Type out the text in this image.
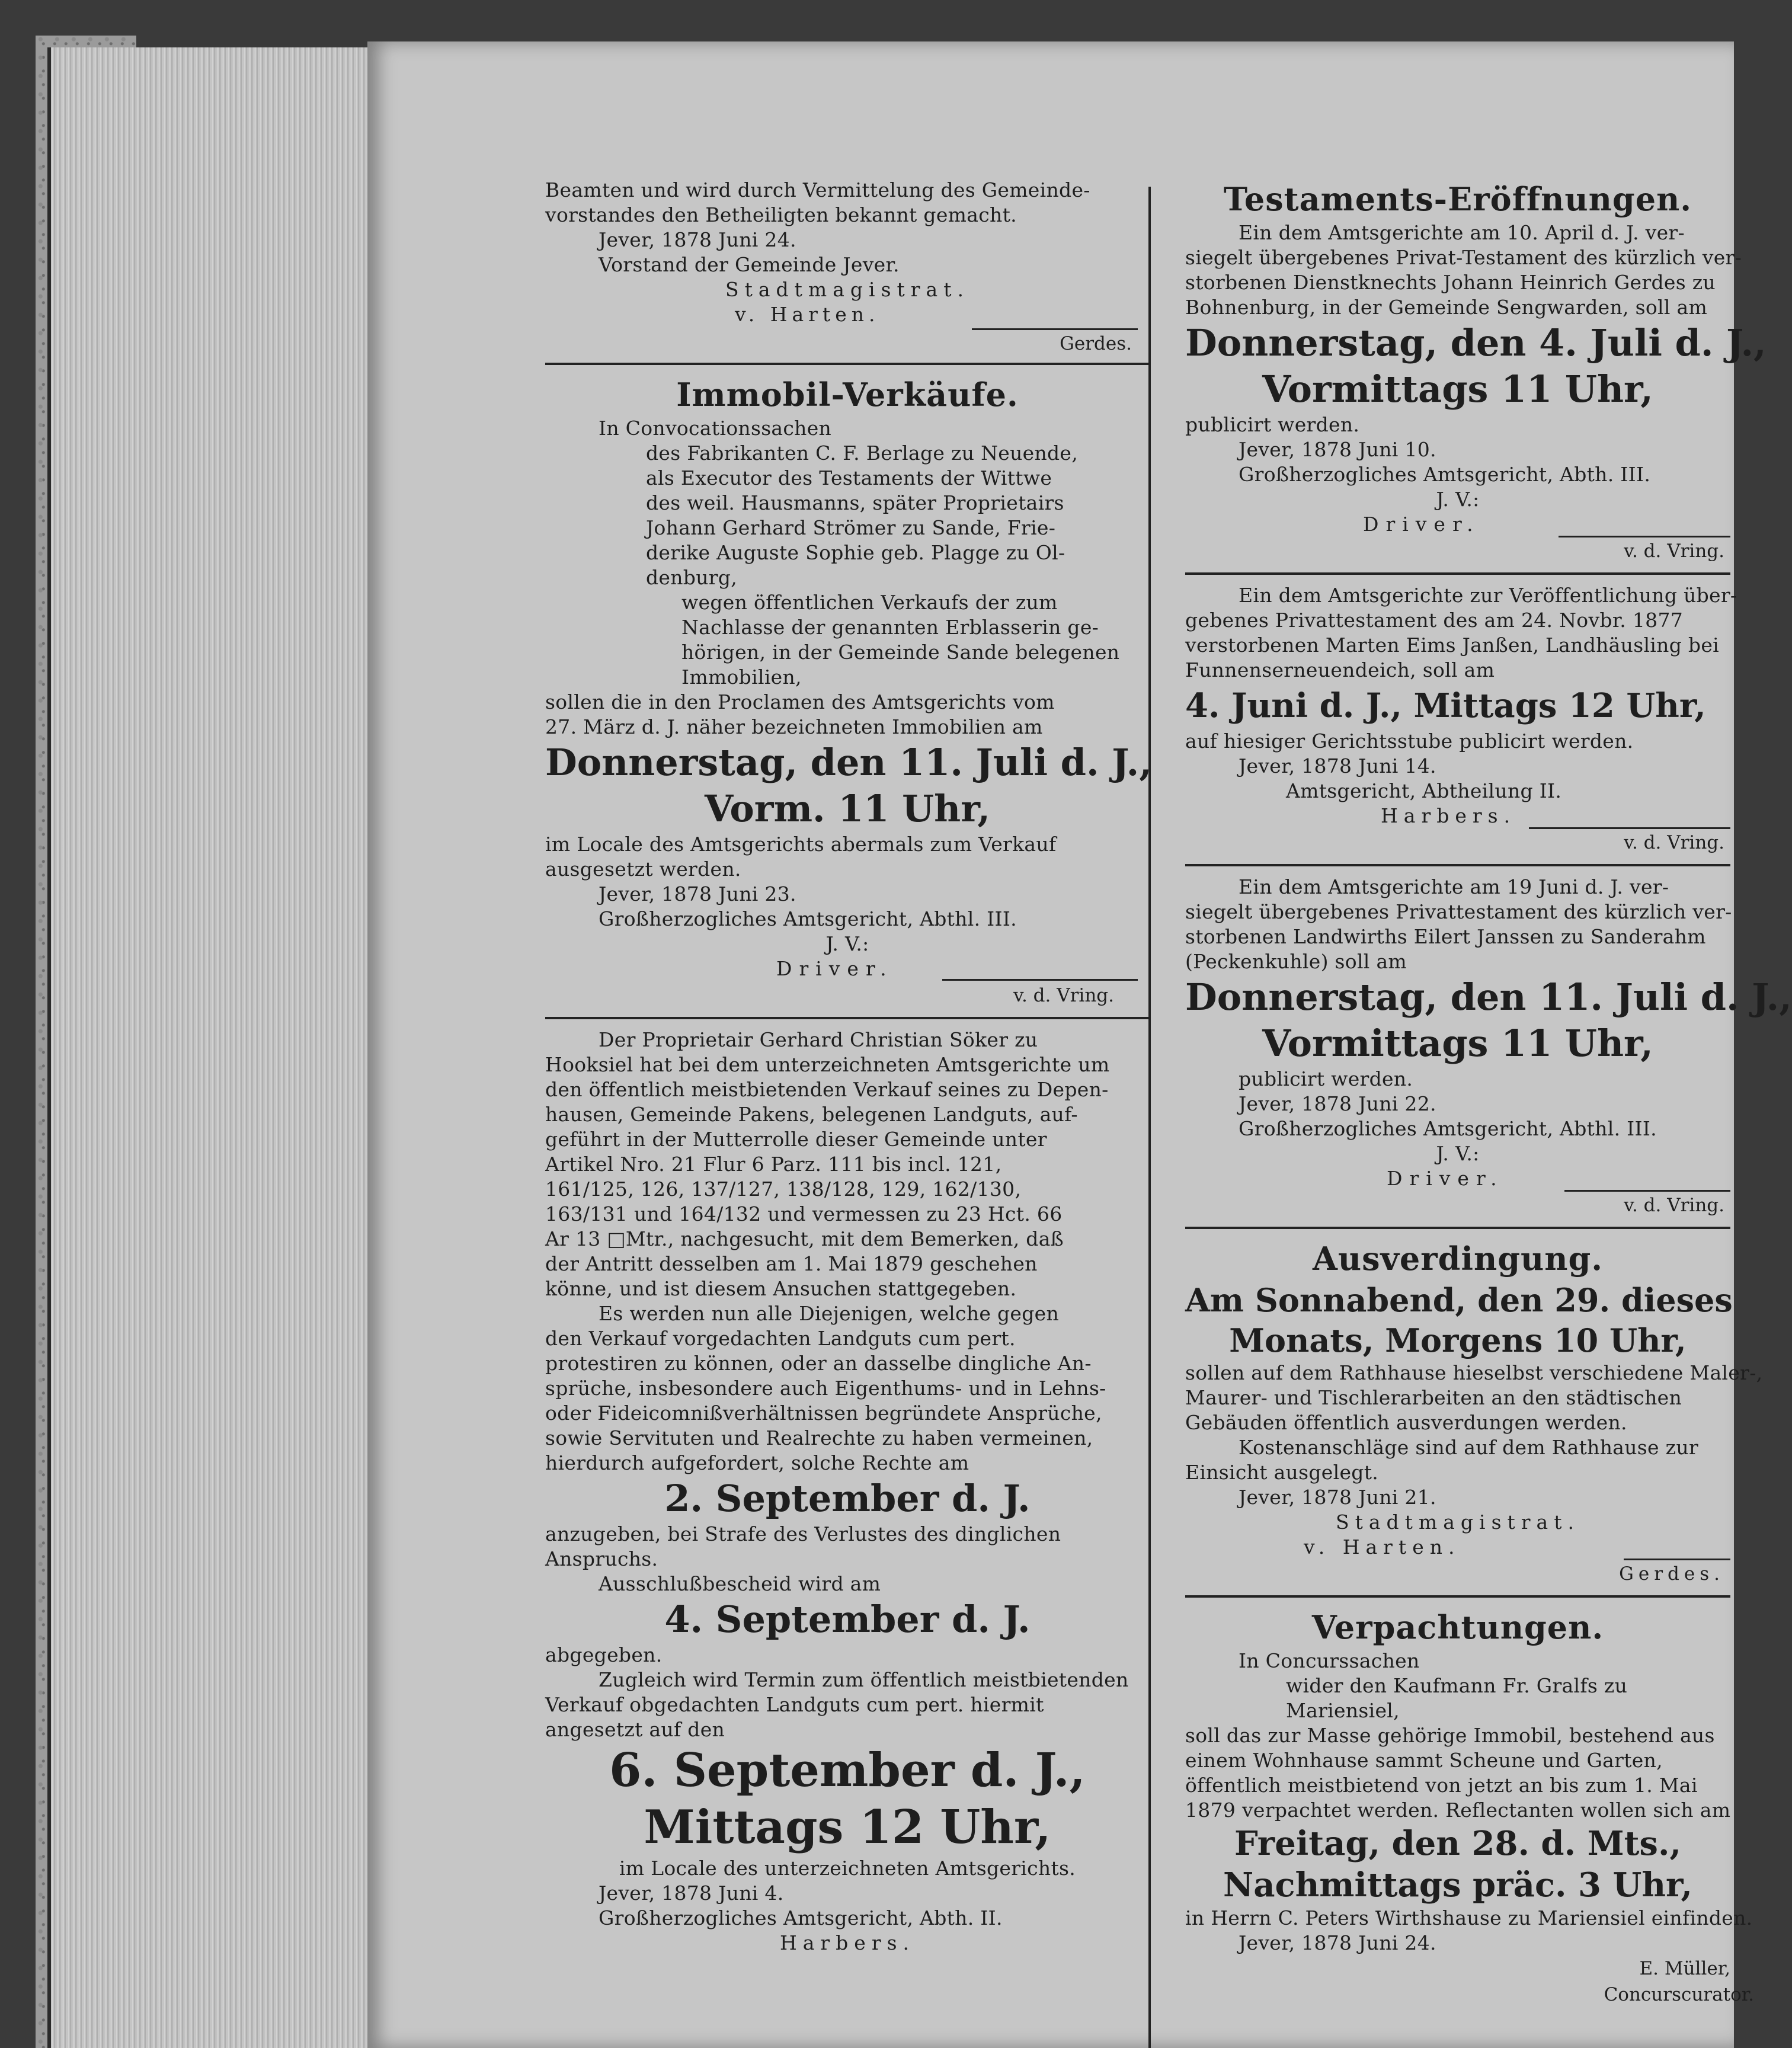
Beamten und wird durch Vermittelung des Gemeinde-
vorstandes den Betheiligten bekannt gemacht.
Jever, 1878 Juni 24.
Vorstand der Gemeinde Jever.
Stadtmagistrat.
v. Harten.
Gerdes.
Immobil-Verkäufe.
In Convocationssachen
des Fabrikanten C. F. Berlage zu Neuende,
als Executor des Testaments der Wittwe
des weil. Hausmanns, später Proprietairs
Johann Gerhard Strömer zu Sande, Frie-
derike Auguste Sophie geb. Plagge zu Ol-
denburg,
wegen öffentlichen Verkaufs der zum
Nachlasse der genannten Erblasserin ge-
hörigen, in der Gemeinde Sande belegenen
Immobilien,
sollen die in den Proclamen des Amtsgerichts vom
27. März d. J. näher bezeichneten Immobilien am
Donnerstag, den 11. Juli d. J.,
Vorm. 11 Uhr,
im Locale des Amtsgerichts abermals zum Verkauf
ausgesetzt werden.
Jever, 1878 Juni 23.
Großherzogliches Amtsgericht, Abthl. III.
J. V.:
Driver.
v. d. Vring.
Der Proprietair Gerhard Christian Söker zu
Hooksiel hat bei dem unterzeichneten Amtsgerichte um
den öffentlich meistbietenden Verkauf seines zu Depen-
hausen, Gemeinde Pakens, belegenen Landguts, auf-
geführt in der Mutterrolle dieser Gemeinde unter
Artikel Nro. 21 Flur 6 Parz. 111 bis incl. 121,
161/125, 126, 137/127, 138/128, 129, 162/130,
163/131 und 164/132 und vermessen zu 23 Hct. 66
Ar 13 □Mtr., nachgesucht, mit dem Bemerken, daß
der Antritt desselben am 1. Mai 1879 geschehen
könne, und ist diesem Ansuchen stattgegeben.
Es werden nun alle Diejenigen, welche gegen
den Verkauf vorgedachten Landguts cum pert.
protestiren zu können, oder an dasselbe dingliche An-
sprüche, insbesondere auch Eigenthums- und in Lehns-
oder Fideicomnißverhältnissen begründete Ansprüche,
sowie Servituten und Realrechte zu haben vermeinen,
hierdurch aufgefordert, solche Rechte am
2. September d. J.
anzugeben, bei Strafe des Verlustes des dinglichen
Anspruchs.
Ausschlußbescheid wird am
4. September d. J.
abgegeben.
Zugleich wird Termin zum öffentlich meistbietenden
Verkauf obgedachten Landguts cum pert. hiermit
angesetzt auf den
6. September d. J.,
Mittags 12 Uhr,
im Locale des unterzeichneten Amtsgerichts.
Jever, 1878 Juni 4.
Großherzogliches Amtsgericht, Abth. II.
Harbers.
Testaments-Eröffnungen.
Ein dem Amtsgerichte am 10. April d. J. ver-
siegelt übergebenes Privat-Testament des kürzlich ver-
storbenen Dienstknechts Johann Heinrich Gerdes zu
Bohnenburg, in der Gemeinde Sengwarden, soll am
Donnerstag, den 4. Juli d. J.,
Vormittags 11 Uhr,
publicirt werden.
Jever, 1878 Juni 10.
Großherzogliches Amtsgericht, Abth. III.
J. V.:
Driver.
v. d. Vring.
Ein dem Amtsgerichte zur Veröffentlichung über-
gebenes Privattestament des am 24. Novbr. 1877
verstorbenen Marten Eims Janßen, Landhäusling bei
Funnenserneuendeich, soll am
4. Juni d. J., Mittags 12 Uhr,
auf hiesiger Gerichtsstube publicirt werden.
Jever, 1878 Juni 14.
Amtsgericht, Abtheilung II.
Harbers.
v. d. Vring.
Ein dem Amtsgerichte am 19 Juni d. J. ver-
siegelt übergebenes Privattestament des kürzlich ver-
storbenen Landwirths Eilert Janssen zu Sanderahm
(Peckenkuhle) soll am
Donnerstag, den 11. Juli d. J.,
Vormittags 11 Uhr,
publicirt werden.
Jever, 1878 Juni 22.
Großherzogliches Amtsgericht, Abthl. III.
J. V.:
Driver.
v. d. Vring.
Ausverdingung.
Am Sonnabend, den 29. dieses
Monats, Morgens 10 Uhr,
sollen auf dem Rathhause hieselbst verschiedene Maler-,
Maurer- und Tischlerarbeiten an den städtischen
Gebäuden öffentlich ausverdungen werden.
Kostenanschläge sind auf dem Rathhause zur
Einsicht ausgelegt.
Jever, 1878 Juni 21.
Stadtmagistrat.
v. Harten.
Gerdes.
Verpachtungen.
In Concurssachen
wider den Kaufmann Fr. Gralfs zu
Mariensiel,
soll das zur Masse gehörige Immobil, bestehend aus
einem Wohnhause sammt Scheune und Garten,
öffentlich meistbietend von jetzt an bis zum 1. Mai
1879 verpachtet werden. Reflectanten wollen sich am
Freitag, den 28. d. Mts.,
Nachmittags präc. 3 Uhr,
in Herrn C. Peters Wirthshause zu Mariensiel einfinden.
Jever, 1878 Juni 24.
E. Müller,
Concurscurator.
